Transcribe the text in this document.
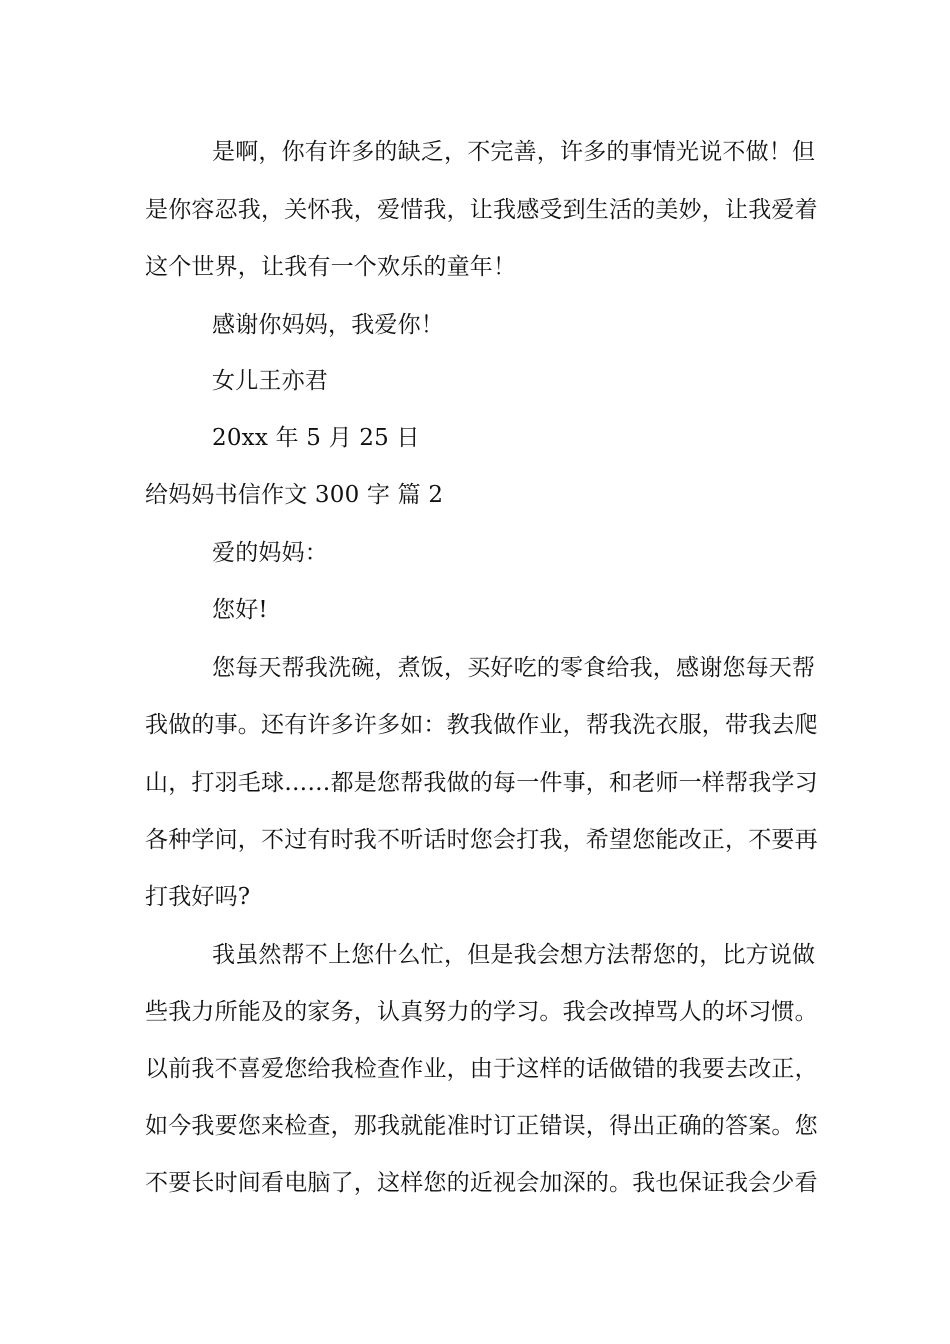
是啊，你有许多的缺乏，不完善，许多的事情光说不做！但
是你容忍我，关怀我，爱惜我，让我感受到生活的美妙，让我爱着
这个世界，让我有一个欢乐的童年！
感谢你妈妈，我爱你！
女儿王亦君
20xx 年 5 月 25 日
给妈妈书信作文 300 字 篇 2
爱的妈妈：
您好!
您每天帮我洗碗，煮饭，买好吃的零食给我，感谢您每天帮
我做的事。还有许多许多如：教我做作业，帮我洗衣服，带我去爬
山，打羽毛球……都是您帮我做的每一件事，和老师一样帮我学习
各种学问，不过有时我不听话时您会打我，希望您能改正，不要再
打我好吗?
我虽然帮不上您什么忙，但是我会想方法帮您的，比方说做
些我力所能及的家务，认真努力的学习。我会改掉骂人的坏习惯。
以前我不喜爱您给我检查作业，由于这样的话做错的我要去改正，
如今我要您来检查，那我就能准时订正错误，得出正确的答案。您
不要长时间看电脑了，这样您的近视会加深的。我也保证我会少看
